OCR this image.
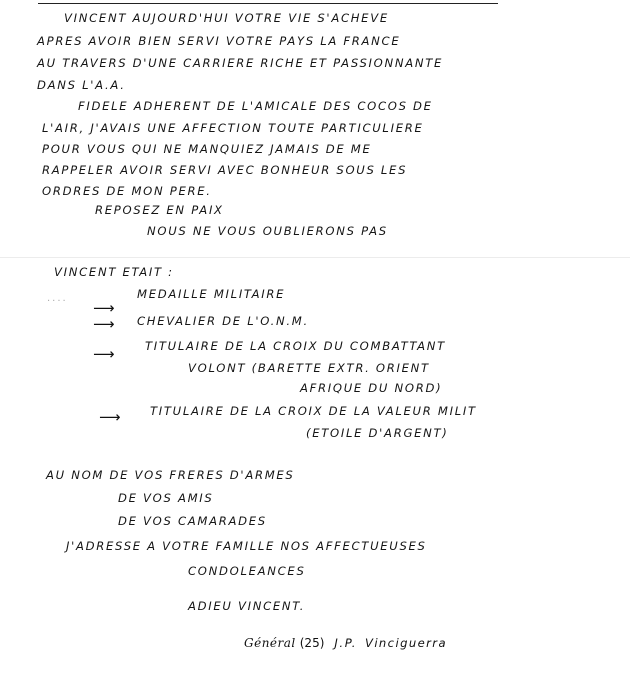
VINCENT AUJOURD'HUI VOTRE VIE S'ACHEVE
APRES AVOIR BIEN SERVI VOTRE PAYS LA FRANCE
AU TRAVERS D'UNE CARRIERE RICHE ET PASSIONNANTE
DANS L'A.A.
FIDELE ADHERENT DE L'AMICALE DES COCOS DE
L'AIR, J'AVAIS UNE AFFECTION TOUTE PARTICULIERE
POUR VOUS QUI NE MANQUIEZ JAMAIS DE ME
RAPPELER AVOIR SERVI AVEC BONHEUR SOUS LES
ORDRES DE MON PERE.
REPOSEZ EN PAIX
NOUS NE VOUS OUBLIERONS PAS
VINCENT ETAIT :
....
⟶
MEDAILLE MILITAIRE
⟶ CHEVALIER DE L'O.N.M.
⟶	TITULAIRE DE LA CROIX DU COMBATTANT
VOLONT (BARETTE EXTR. ORIENT
AFRIQUE DU NORD)
⟶	TITULAIRE DE LA CROIX DE LA VALEUR MILIT
(ETOILE D'ARGENT)
AU NOM DE VOS FRERES D'ARMES
DE VOS AMIS
DE VOS CAMARADES
J'ADRESSE A VOTRE FAMILLE NOS AFFECTUEUSES
CONDOLEANCES
ADIEU VINCENT.
Général (25) J.P. Vinciguerra
